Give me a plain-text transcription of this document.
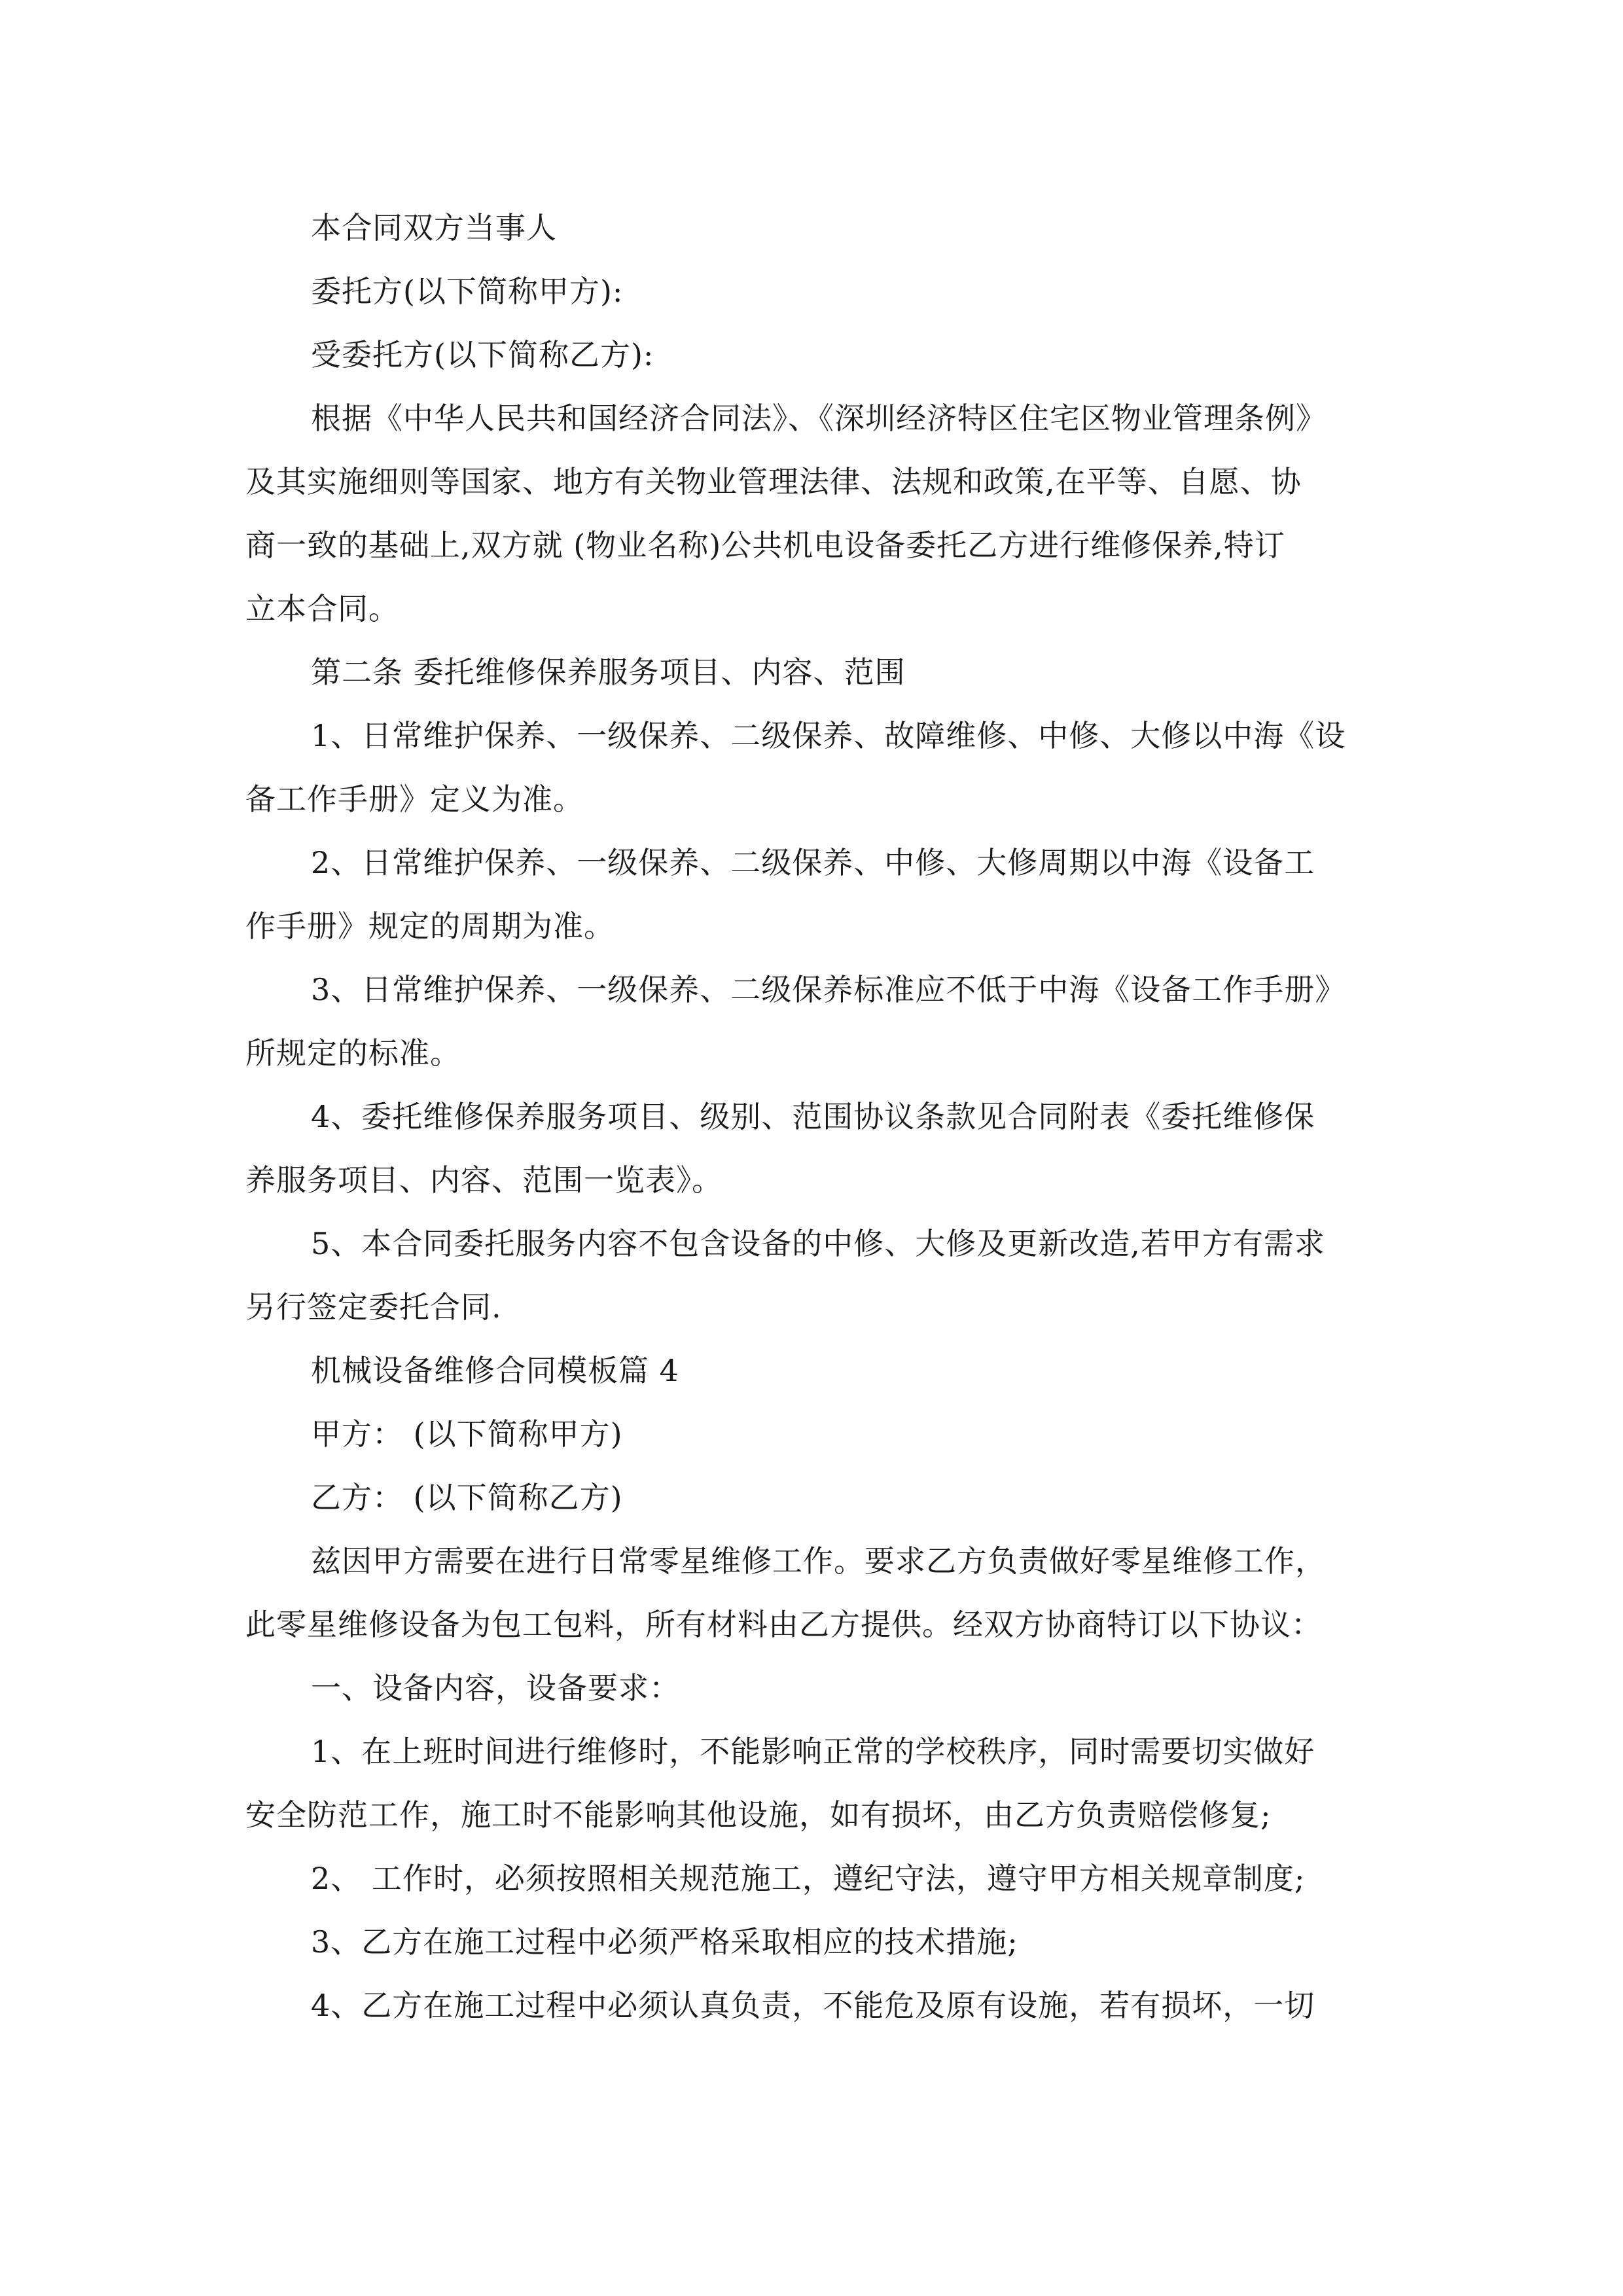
本合同双方当事人
委托方(以下简称甲方):
受委托方(以下简称乙方):
根据《中华人民共和国经济合同法》、《深圳经济特区住宅区物业管理条例》
及其实施细则等国家、地方有关物业管理法律、法规和政策,在平等、自愿、协
商一致的基础上,双方就 (物业名称)公共机电设备委托乙方进行维修保养,特订
立本合同。
第二条 委托维修保养服务项目、内容、范围
1、日常维护保养、一级保养、二级保养、故障维修、中修、大修以中海《设
备工作手册》定义为准。
2、日常维护保养、一级保养、二级保养、中修、大修周期以中海《设备工
作手册》规定的周期为准。
3、日常维护保养、一级保养、二级保养标准应不低于中海《设备工作手册》
所规定的标准。
4、委托维修保养服务项目、级别、范围协议条款见合同附表《委托维修保
养服务项目、内容、范围一览表》。
5、本合同委托服务内容不包含设备的中修、大修及更新改造,若甲方有需求
另行签定委托合同.
机械设备维修合同模板篇 4
甲方： (以下简称甲方)
乙方： (以下简称乙方)
兹因甲方需要在进行日常零星维修工作。要求乙方负责做好零星维修工作，
此零星维修设备为包工包料，所有材料由乙方提供。经双方协商特订以下协议：
一、设备内容，设备要求：
1、在上班时间进行维修时，不能影响正常的学校秩序，同时需要切实做好
安全防范工作，施工时不能影响其他设施，如有损坏，由乙方负责赔偿修复;
2、 工作时，必须按照相关规范施工，遵纪守法，遵守甲方相关规章制度;
3、乙方在施工过程中必须严格采取相应的技术措施;
4、乙方在施工过程中必须认真负责，不能危及原有设施，若有损坏，一切
